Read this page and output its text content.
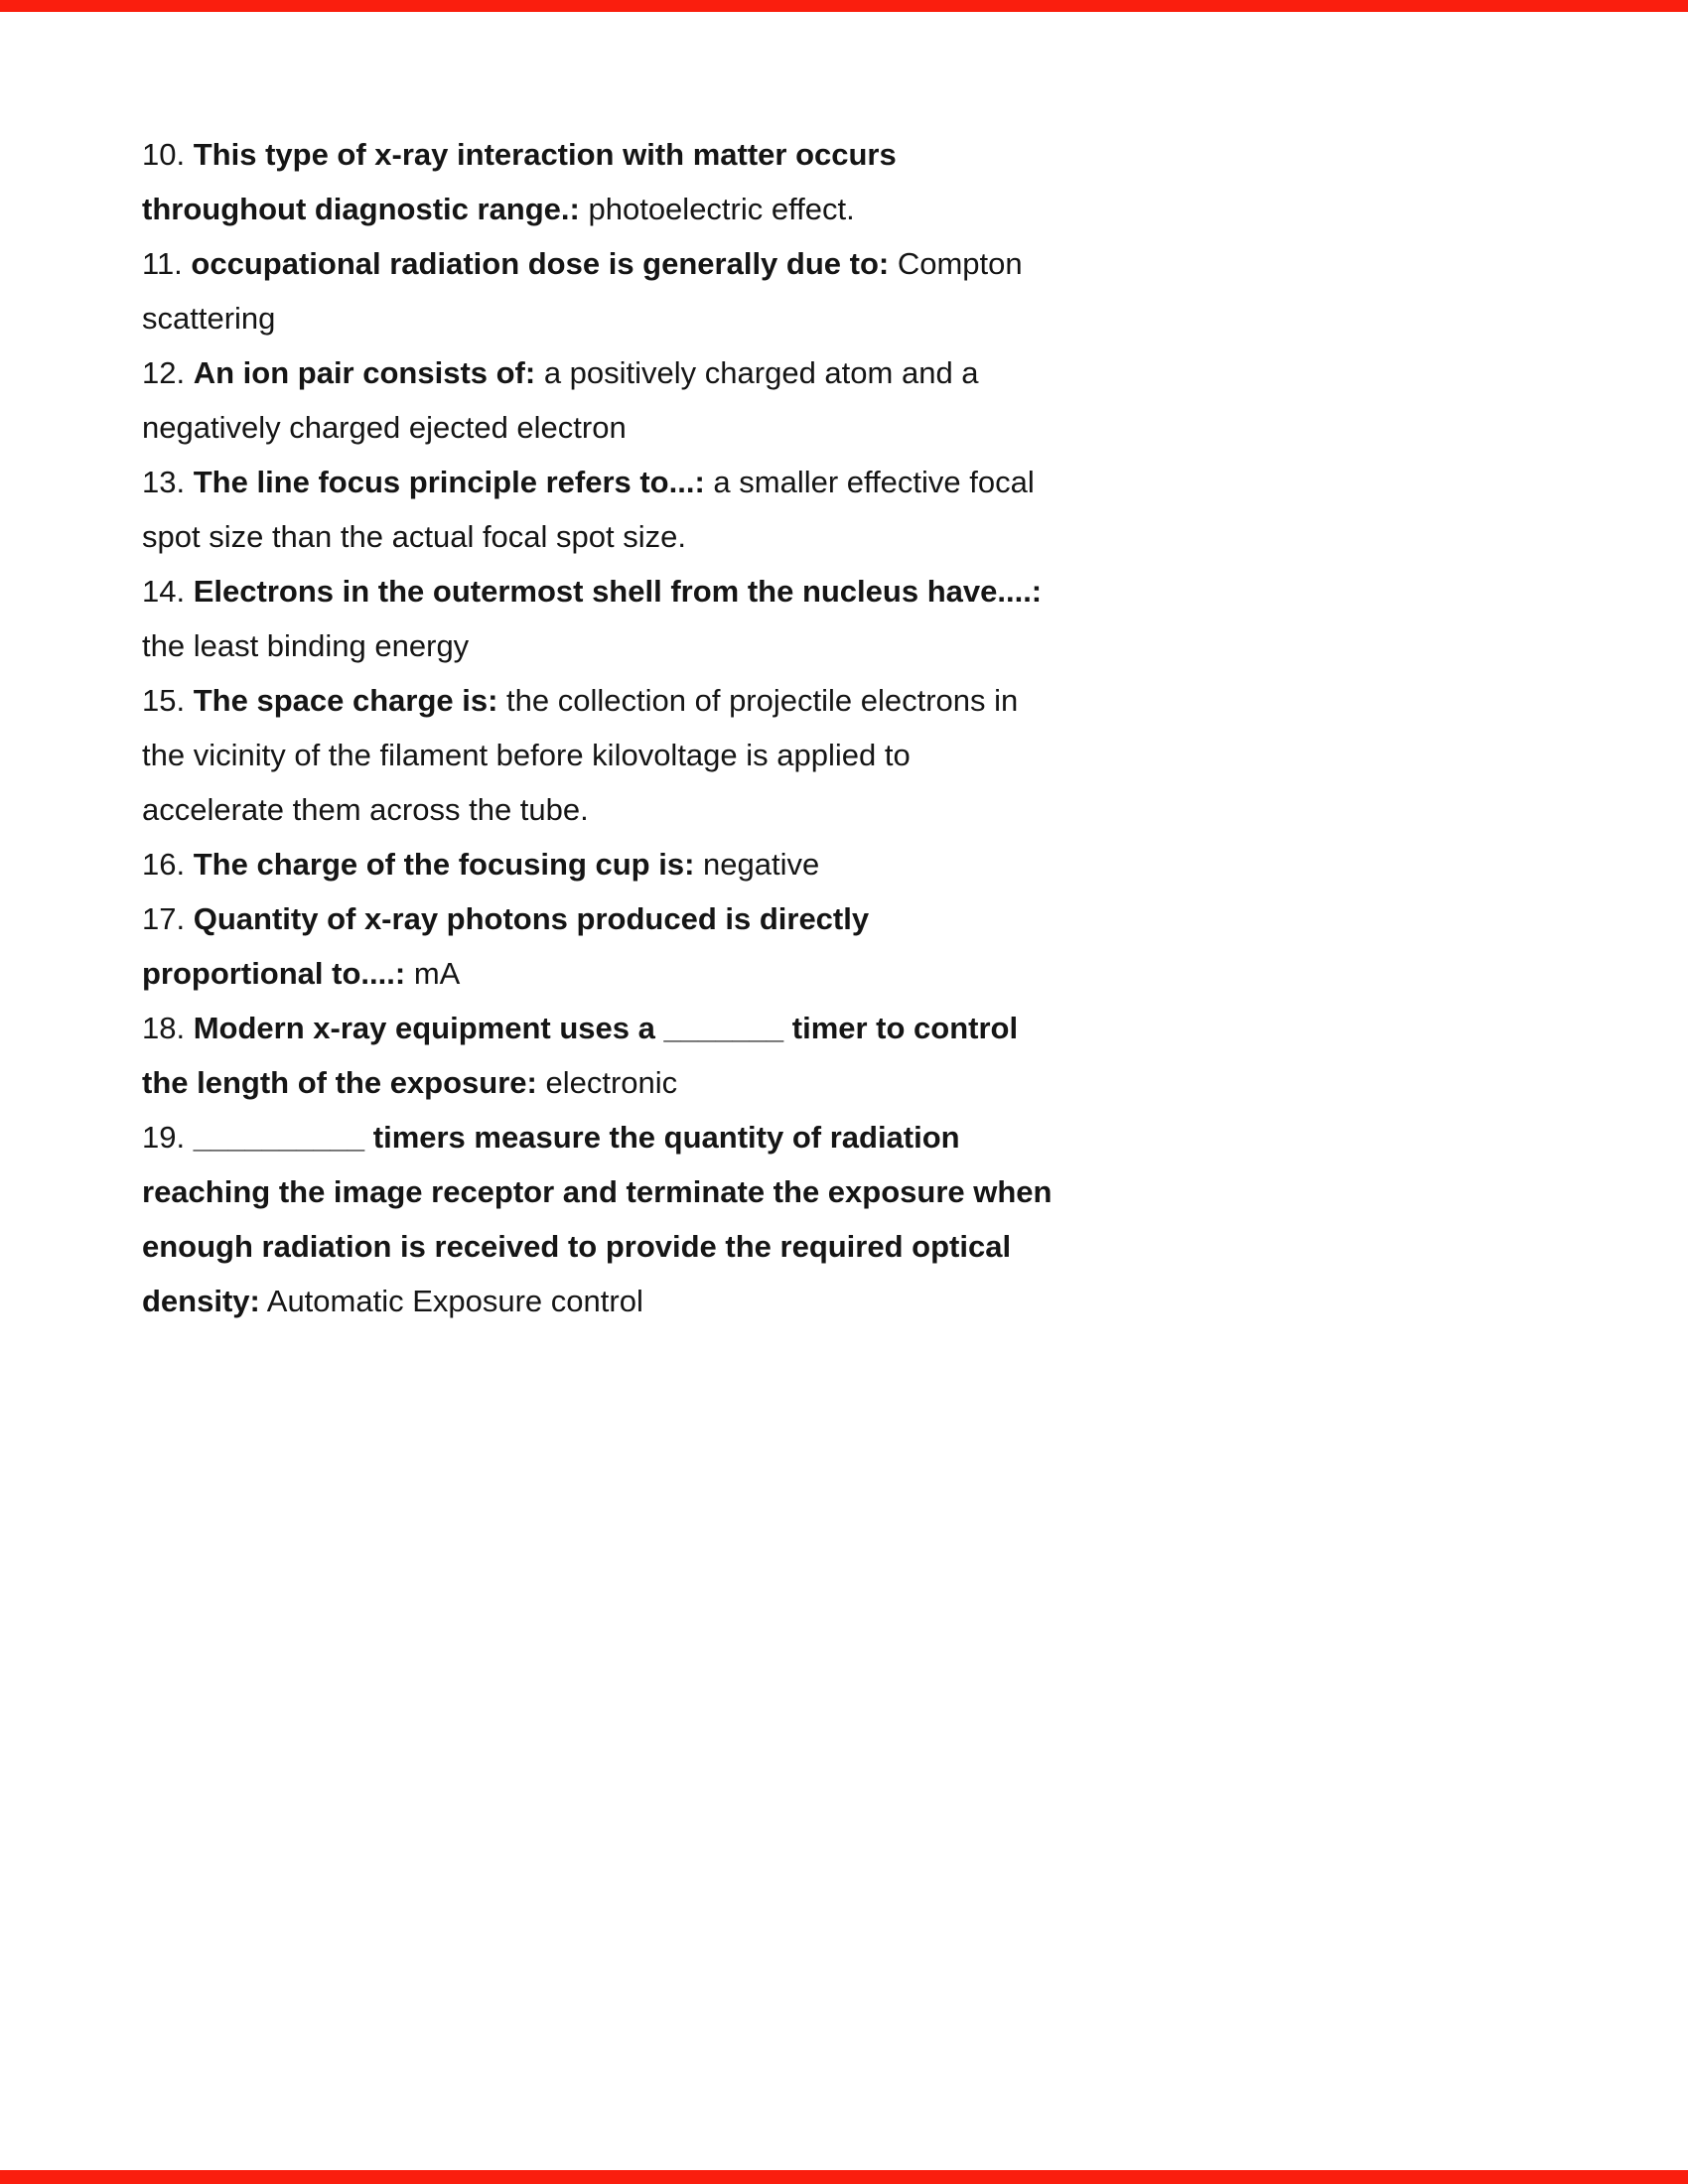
10. This type of x-ray interaction with matter occurs throughout diagnostic range.: photoelectric effect.

11. occupational radiation dose is generally due to: Compton scattering

12. An ion pair consists of: a positively charged atom and a negatively charged ejected electron

13. The line focus principle refers to...: a smaller effective focal spot size than the actual focal spot size.

14. Electrons in the outermost shell from the nucleus have....: the least binding energy

15. The space charge is: the collection of projectile electrons in the vicinity of the filament before kilovoltage is applied to accelerate them across the tube.

16. The charge of the focusing cup is: negative

17. Quantity of x-ray photons produced is directly proportional to....: mA

18. Modern x-ray equipment uses a _______ timer to control the length of the exposure: electronic

19. __________ timers measure the quantity of radiation reaching the image receptor and terminate the exposure when enough radiation is received to provide the required optical density: Automatic Exposure control
